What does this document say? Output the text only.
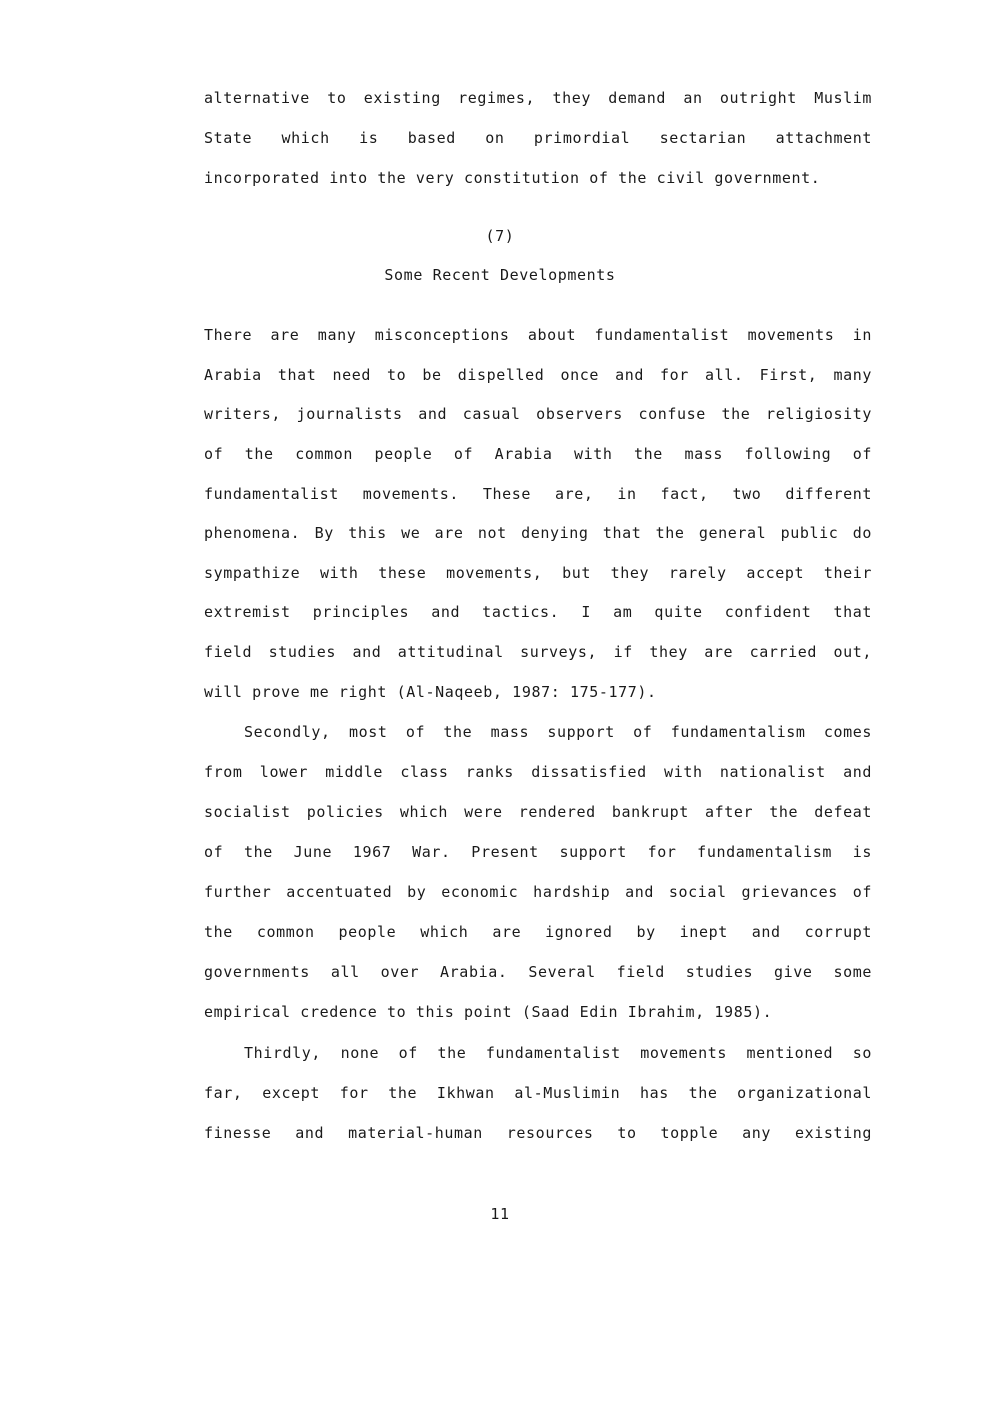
alternative to existing regimes, they demand an outright Muslim
State which is based on primordial sectarian attachment
incorporated into the very constitution of the civil government.
(7)
Some Recent Developments
There are many misconceptions about fundamentalist movements in
Arabia that need to be dispelled once and for all. First, many
writers, journalists and casual observers confuse the religiosity
of the common people of Arabia with the mass following of
fundamentalist movements. These are, in fact, two different
phenomena. By this we are not denying that the general public do
sympathize with these movements, but they rarely accept their
extremist principles and tactics. I am quite confident that
field studies and attitudinal surveys, if they are carried out,
will prove me right (Al-Naqeeb, 1987: 175-177).
Secondly, most of the mass support of fundamentalism comes
from lower middle class ranks dissatisfied with nationalist and
socialist policies which were rendered bankrupt after the defeat
of the June 1967 War. Present support for fundamentalism is
further accentuated by economic hardship and social grievances of
the common people which are ignored by inept and corrupt
governments all over Arabia. Several field studies give some
empirical credence to this point (Saad Edin Ibrahim, 1985).
Thirdly, none of the fundamentalist movements mentioned so
far, except for the Ikhwan al-Muslimin has the organizational
finesse and material-human resources to topple any existing
11
